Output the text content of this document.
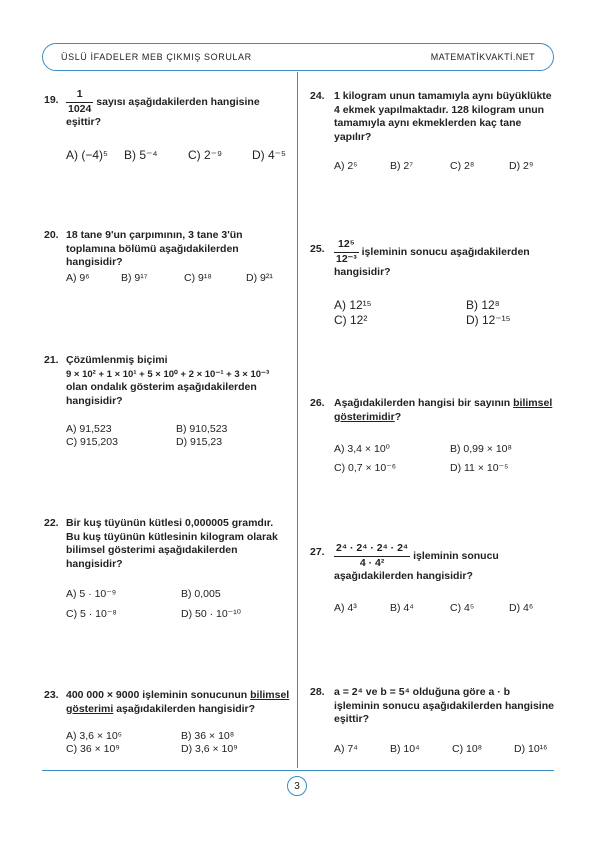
ÜSLÜ İFADELER MEB ÇIKMIŞ SORULAR	MATEMATİKVAKTİ.NET
3
19. $\frac{1}{1024}$ sayısı aşağıdakilerden hangisine eşittir?
A) (−4)⁵ B) 5⁻⁴	C) 2⁻⁹ D) 4⁻⁵
20. 18 tane 9'un çarpımının, 3 tane 3'ün toplamına bölümü aşağıdakilerden hangisidir?
A) 9⁶	B) 9¹⁷	C) 9¹⁸	D) 9²¹
21. Çözümlenmiş biçimi
9 × 10² + 1 × 10¹ + 5 × 10⁰ + 2 × 10⁻¹ + 3 × 10⁻³
olan ondalık gösterim aşağıdakilerden hangisidir?
A) 91,523	B) 910,523
C) 915,203	D) 915,23
22. Bir kuş tüyünün kütlesi 0,000005 gramdır.
Bu kuş tüyünün kütlesinin kilogram olarak
bilimsel gösterimi aşağıdakilerden hangisidir?
A) 5 · 10⁻⁹	B) 0,005
C) 5 · 10⁻⁸	D) 50 · 10⁻¹⁰
23. 400 000 × 9000 işleminin sonucunun bilimsel gösterimi aşağıdakilerden hangisidir?
A) 3,6 × 10⁵	B) 36 × 10⁸
C) 36 × 10⁹	D) 3,6 × 10⁹
24. 1 kilogram unun tamamıyla aynı büyüklükte 4 ekmek yapılmaktadır. 128 kilogram unun tamamıyla aynı ekmeklerden kaç tane yapılır?
A) 2⁵	B) 2⁷	C) 2⁸	D) 2⁹
25. $\frac{\text{12⁵}}{\text{12⁻³}}$ işleminin sonucu aşağıdakilerden hangisidir?
A) 12¹⁵	B) 12⁸
C) 12²	D) 12⁻¹⁵
26. Aşağıdakilerden hangisi bir sayının bilimsel gösterimidir?
A) 3,4 × 10⁰	B) 0,99 × 10⁸
C) 0,7 × 10⁻⁶	D) 11 × 10⁻⁵
27. $\frac{\text{2⁴ · 2⁴ · 2⁴ · 2⁴}}{\text{4 · 4²}}$ işleminin sonucu aşağıdakilerden hangisidir?
A) 4³	B) 4⁴	C) 4⁵	D) 4⁶
28. a = 2⁴ ve b = 5⁴ olduğuna göre a · b işleminin sonucu aşağıdakilerden hangisine eşittir?
A) 7⁴	B) 10⁴	C) 10⁸	D) 10¹⁶
